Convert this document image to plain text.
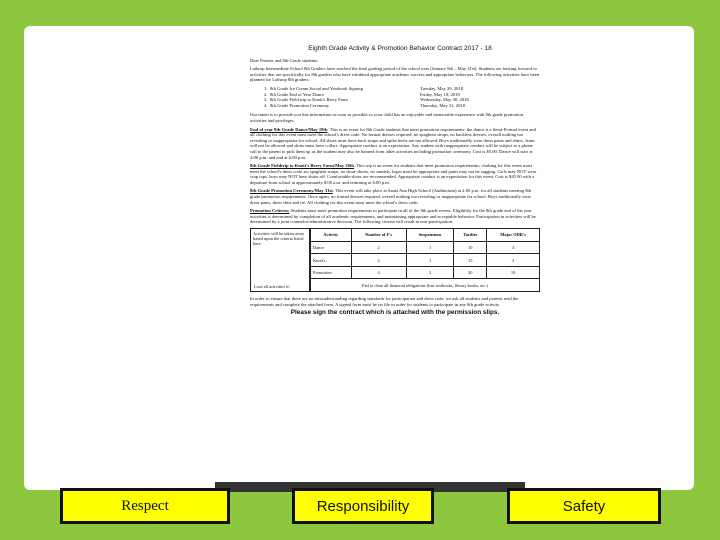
Eighth Grade Activity & Promotion Behavior Contract 2017 - 18

Dear Parents and 8th Grade students:

Lathrop Intermediate School 8th Graders have reached the final grading period of the school year (January 9th – May 31st). Students are looking forward to activities that are specifically for 8th graders who have exhibited appropriate academic success and appropriate behaviors. The following activities have been planned for Lathrop 8th graders:

1. 8th Grade Ice Cream Social and Yearbook Signing	Tuesday, May 29, 2018
2. 8th Grade End of Year Dance	Friday, May 18, 2018
3. 8th Grade Field trip to Knott's Berry Farm	Wednesday, May 30, 2018
4. 8th Grade Promotion Ceremony	Thursday, May 31, 2018

Our intent is to provide you this information as soon as possible so your child has an enjoyable and memorable experience with 8th grade promotion activities and privileges.

End of year 8th Grade Dance/May 18th. This is an event for 8th Grade students that meet promotion requirements; the dance is a Semi-Formal event and all clothing for this event must meet the school's dress code. No formal dresses required, no spaghetti straps, no backless dresses, overall nothing too revealing or inappropriate for school. All shoes must have back straps and spike heels are not allowed. Boys traditionally wear dress pants and shirts. Jeans will not be allowed and shirts must have collars. Appropriate conduct is an expectation. Any student with inappropriate conduct will be subject to a phone call to the parent to pick them up as the student may also be banned from other activities including promotion ceremony. Cost is $5.00. Dance will start at 4:00 p.m. and end at 6:00 p.m.

8th Grade Fieldtrip to Knott's Berry Farm/May 30th. This trip is an event for students that meet promotion requirements; clothing for this event must meet the school's dress code–no spaghetti straps, no short-shorts, no sandals, logos must be appropriate and pants may not be sagging. Girls may NOT wear crop tops, boys may NOT have shirts off. Comfortable shoes are recommended. Appropriate conduct is an expectation for this event. Cost is $45.00 with a departure from school at approximately 8:00 a.m. and returning at 6:00 p.m.

8th Grade Promotion Ceremony/May 31st: This event will take place at Santa Ana High School (Auditorium) at 2:00 p.m. for all students meeting 8th grade promotion requirements. Once again, no formal dresses required, overall nothing too revealing or inappropriate for school. Boys traditionally wear dress pants, dress shirt and tie. All clothing for this event must meet the school's dress code.

Promotion Criteria: Students must meet promotion requirements to participate in all of the 8th grade events. Eligibility for the 8th grade end of the year activities is determined by completion of all academic requirements, and maintaining appropriate and acceptable behavior. Participation in activities will be determined by a joint counselor/administrative decision. The following criteria will result in non-participation:

Activities will be taken away based upon the criteria listed here.
Lose all activities if:
Activity	Number of F's	Suspensions	Tardies	Major ODR's
Dance	2	1	10	3
Knott's	2	1	15	3
Promotion	4	2	20	10
Fail to clear all financial obligations (lost textbooks, library books, etc.)				

In order to ensure that there are no misunderstanding regarding standards for participation and dress code, we ask all students and parents read the requirements and complete the attached form. A signed form must be on file in order for students to participate in any 8th grade activity.

Please sign the contract which is attached with the permission slips.
Respect	Responsibility	Safety
